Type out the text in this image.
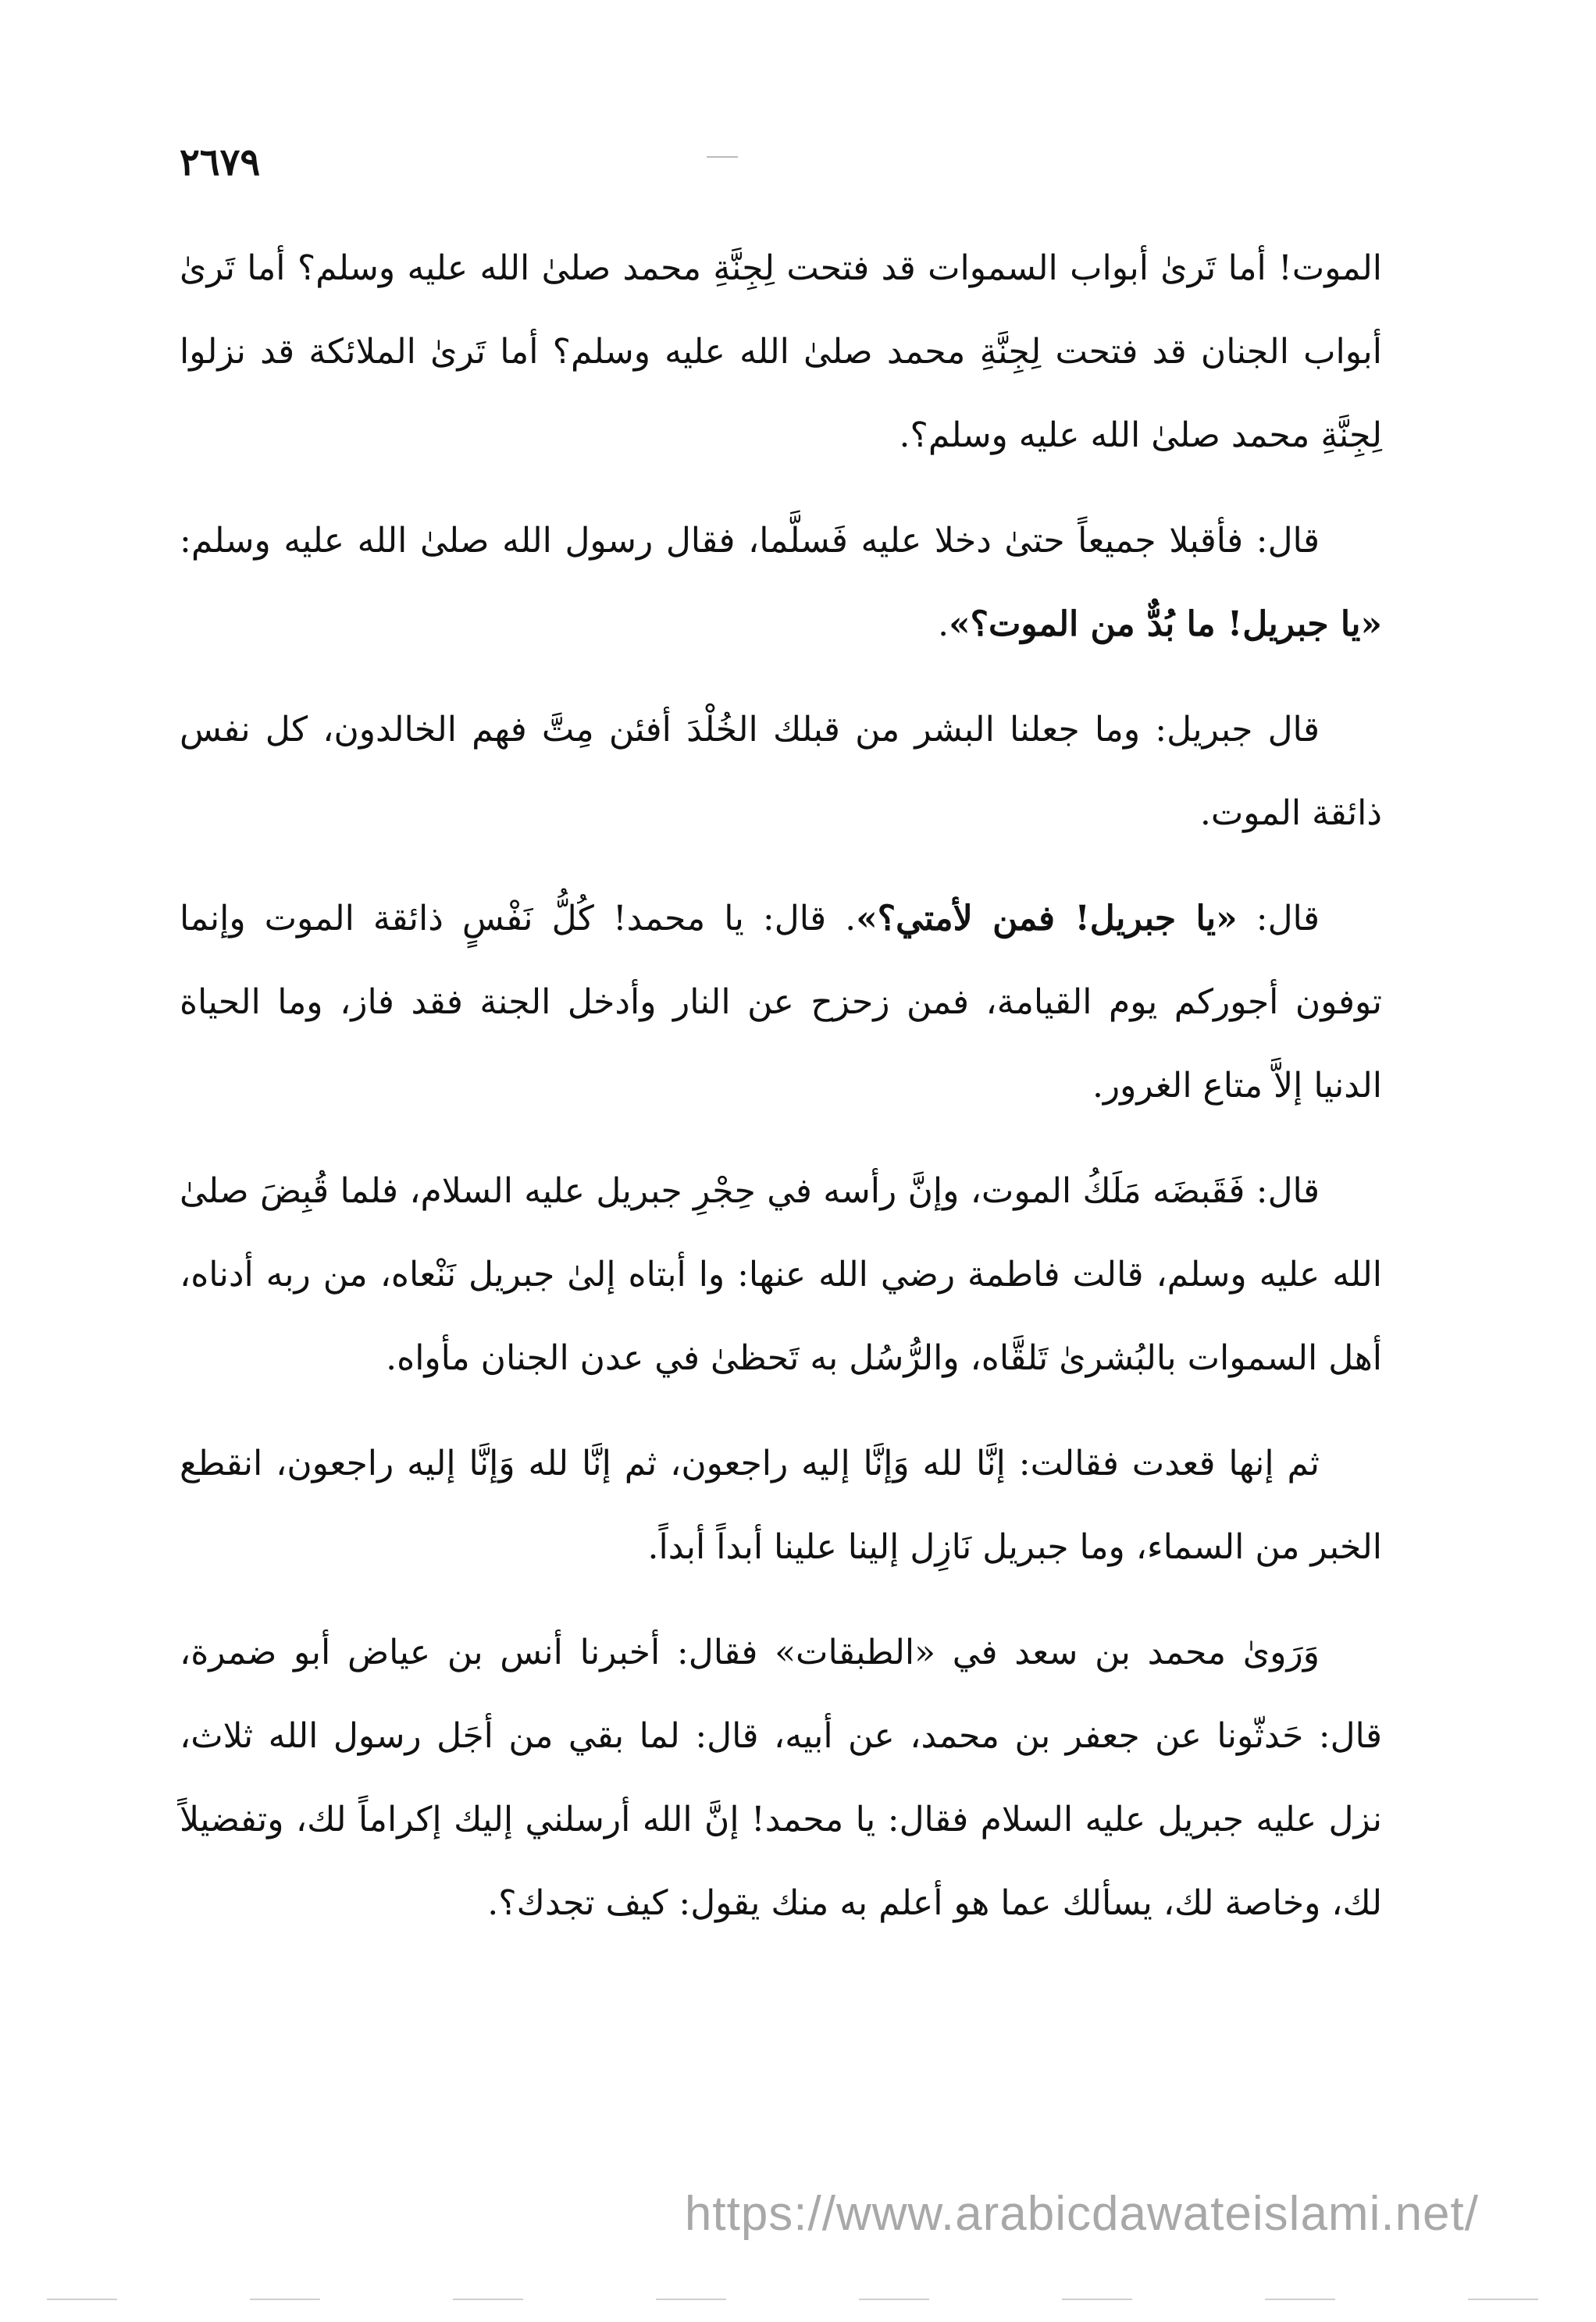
٢٦٧٩

الموت! أما تَرىٰ أبواب السموات قد فتحت لِجِنَّةِ محمد صلىٰ الله عليه وسلم؟ أما تَرىٰ أبواب الجنان قد فتحت لِجِنَّةِ محمد صلىٰ الله عليه وسلم؟ أما تَرىٰ الملائكة قد نزلوا لِجِنَّةِ محمد صلىٰ الله عليه وسلم؟.

قال: فأقبلا جميعاً حتىٰ دخلا عليه فَسلَّما، فقال رسول الله صلىٰ الله عليه وسلم: «يا جبريل! ما بُدٌّ من الموت؟».

قال جبريل: وما جعلنا البشر من قبلك الخُلْدَ أفئن مِتَّ فهم الخالدون، كل نفس ذائقة الموت.

قال: «يا جبريل! فمن لأمتي؟». قال: يا محمد! كُلُّ نَفْسٍ ذائقة الموت وإنما توفون أجوركم يوم القيامة، فمن زحزح عن النار وأدخل الجنة فقد فاز، وما الحياة الدنيا إلاَّ متاع الغرور.

قال: فَقَبضَه مَلَكُ الموت، وإنَّ رأسه في حِجْرِ جبريل عليه السلام، فلما قُبِضَ صلىٰ الله عليه وسلم، قالت فاطمة رضي الله عنها: وا أبتاه إلىٰ جبريل نَنْعاه، من ربه أدناه، أهل السموات بالبُشرىٰ تَلقَّاه، والرُّسُل به تَحظىٰ في عدن الجنان مأواه.

ثم إنها قعدت فقالت: إنَّا لله وَإنَّا إليه راجعون، ثم إنَّا لله وَإنَّا إليه راجعون، انقطع الخبر من السماء، وما جبريل نَازِل إلينا علينا أبداً أبداً.

وَرَوىٰ محمد بن سعد في «الطبقات» فقال: أخبرنا أنس بن عياض أبو ضمرة، قال: حَدثّونا عن جعفر بن محمد، عن أبيه، قال: لما بقي من أجَل رسول الله ثلاث، نزل عليه جبريل عليه السلام فقال: يا محمد! إنَّ الله أرسلني إليك إكراماً لك، وتفضيلاً لك، وخاصة لك، يسألك عما هو أعلم به منك يقول: كيف تجدك؟.

https://www.arabicdawateislami.net/
